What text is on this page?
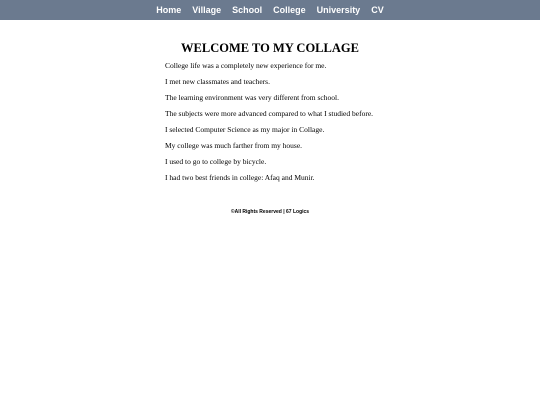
Home Village School College University CV
WELCOME TO MY COLLAGE

College life was a completely new experience for me.

I met new classmates and teachers.

The learning environment was very different from school.

The subjects were more advanced compared to what I studied before.

I selected Computer Science as my major in Collage.

My college was much farther from my house.

I used to go to college by bicycle.

I had two best friends in college: Afaq and Munir.

©All Rights Reserved | 67 Logics
